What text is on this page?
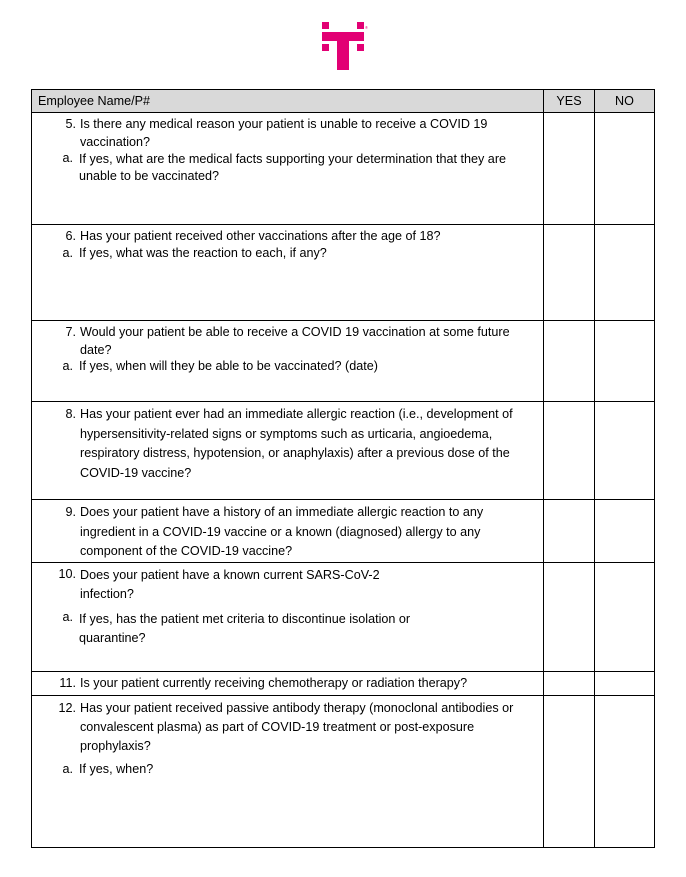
®
Employee Name/P#	YES	NO

5. Is there any medical reason your patient is unable to receive a COVID 19 vaccination?
a. If yes, what are the medical facts supporting your determination that they are unable to be vaccinated?		

6. Has your patient received other vaccinations after the age of 18?
a. If yes, what was the reaction to each, if any?		

7. Would your patient be able to receive a COVID 19 vaccination at some future date?
a. If yes, when will they be able to be vaccinated? (date)		

8. Has your patient ever had an immediate allergic reaction (i.e., development of hypersensitivity-related signs or symptoms such as urticaria, angioedema, respiratory distress, hypotension, or anaphylaxis) after a previous dose of the COVID-19 vaccine?		

9. Does your patient have a history of an immediate allergic reaction to any ingredient in a COVID-19 vaccine or a known (diagnosed) allergy to any component of the COVID-19 vaccine?		

10. Does your patient have a known current SARS-CoV-2 infection?
a. If yes, has the patient met criteria to discontinue isolation or quarantine?		

11. Is your patient currently receiving chemotherapy or radiation therapy?		

12. Has your patient received passive antibody therapy (monoclonal antibodies or convalescent plasma) as part of COVID-19 treatment or post-exposure prophylaxis?
a. If yes, when?		
